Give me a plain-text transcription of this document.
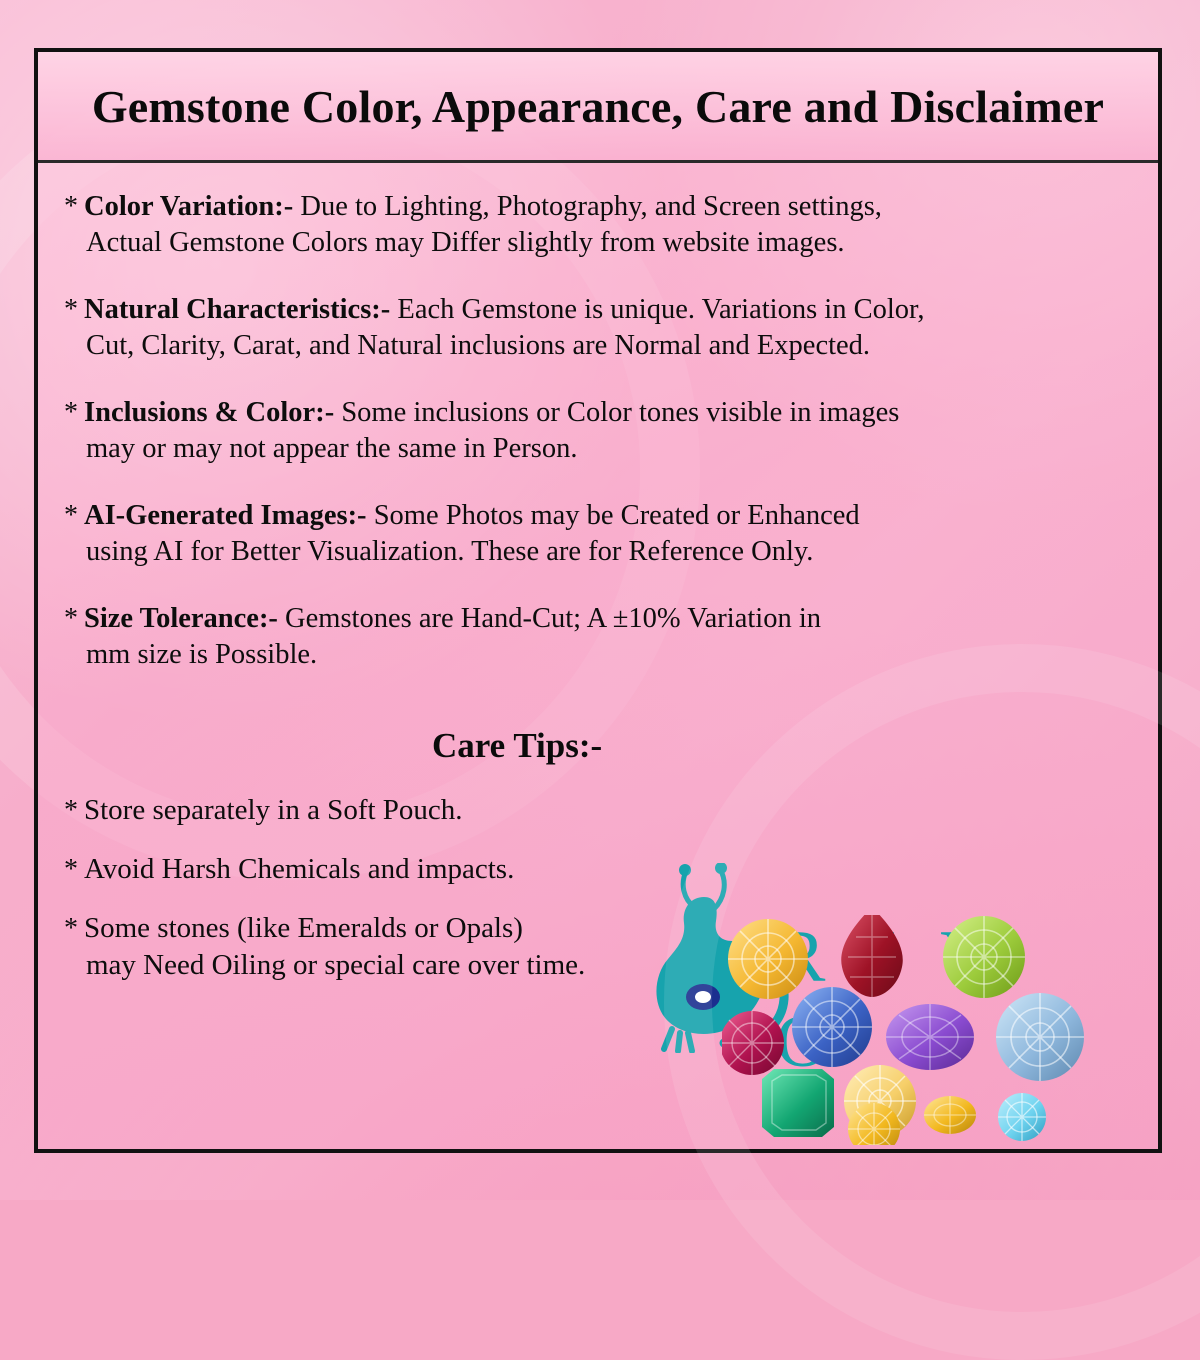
Gemstone Color, Appearance, Care and Disclaimer
* Color Variation:- Due to Lighting, Photography, and Screen settings,
Actual Gemstone Colors may Differ slightly from website images.
* Natural Characteristics:- Each Gemstone is unique. Variations in Color,
Cut, Clarity, Carat, and Natural inclusions are Normal and Expected.
* Inclusions & Color:- Some inclusions or Color tones visible in images
may or may not appear the same in Person.
* AI-Generated Images:- Some Photos may be Created or Enhanced
using AI for Better Visualization. These are for Reference Only.
* Size Tolerance:- Gemstones are Hand-Cut; A ±10% Variation in
mm size is Possible.
Care Tips:-
* Store separately in a Soft Pouch.
* Avoid Harsh Chemicals and impacts.
* Some stones (like Emeralds or Opals)
may Need Oiling or special care over time.
